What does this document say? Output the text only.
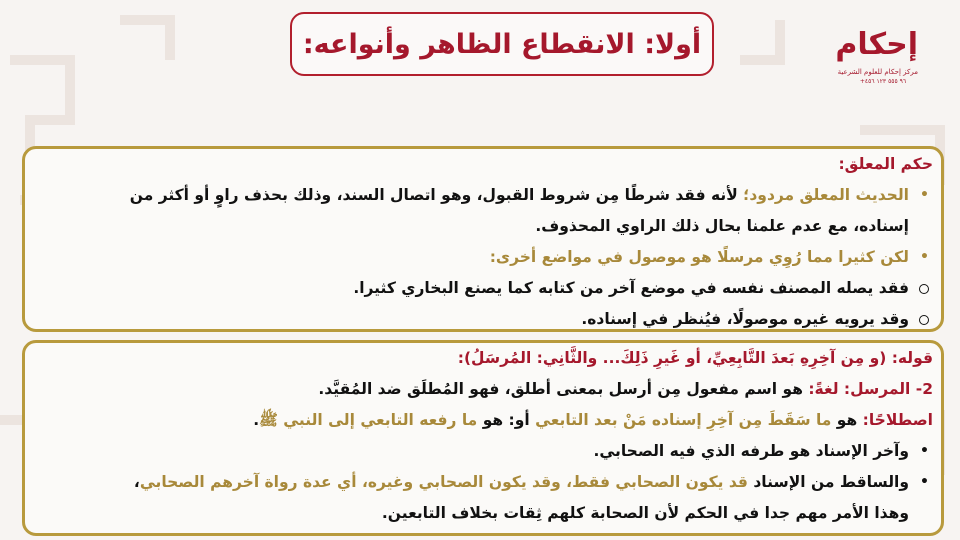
أولا: الانقطاع الظاهر وأنواعه:	إحكام
مركز إحكام للعلوم الشرعية
+٩٦ ٥٥٥ ١٢٣ ٤٥٦
حكم المعلق:
• الحديث المعلق مردود؛ لأنه فقد شرطًا مِن شروط القبول، وهو اتصال السند، وذلك بحذف راوٍ أو أكثر من
إسناده، مع عدم علمنا بحال ذلك الراوي المحذوف.
• لكن كثيرا مما رُوِي مرسلًا هو موصول في مواضع أخرى:
فقد يصله المصنف نفسه في موضع آخر من كتابه كما يصنع البخاري كثيرا.
وقد يرويه غيره موصولًا، فيُنظر في إسناده.
قوله: (و مِن آخِرِهِ بَعدَ التَّابِعِيِّ، أو غَيرِ ذَلِكَ... والثَّانِي: المُرسَلُ):
2- المرسل: لغةً: هو اسم مفعول مِن أرسل بمعنى أطلق، فهو المُطلَق ضد المُقيَّد.
اصطلاحًا: هو ما سَقَطَ مِن آخِرِ إسناده مَنْ بعد التابعي أو: هو ما رفعه التابعي إلى النبي ﷺ.
• وآخر الإسناد هو طرفه الذي فيه الصحابي.
• والساقط من الإسناد قد يكون الصحابي فقط، وقد يكون الصحابي وغيره، أي عدة رواة آخرهم الصحابي،
وهذا الأمر مهم جدا في الحكم لأن الصحابة كلهم ثِقات بخلاف التابعين.
